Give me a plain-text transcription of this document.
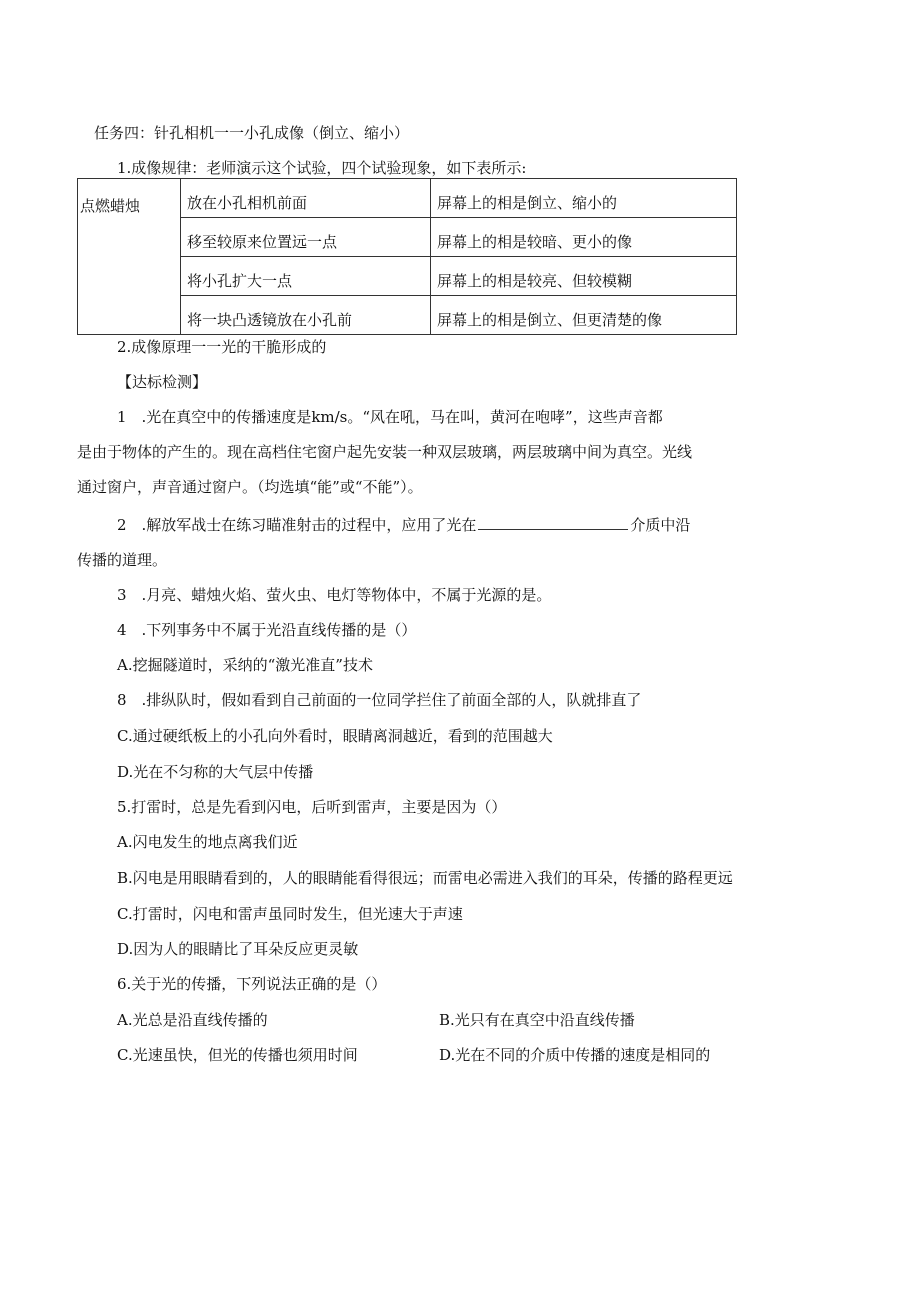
任务四：针孔相机一一小孔成像（倒立、缩小）
1.成像规律：老师演示这个试验，四个试验现象，如下表所示:
点燃蜡烛	放在小孔相机前面	屏幕上的相是倒立、缩小的
	移至较原来位置远一点	屏幕上的相是较暗、更小的像
	将小孔扩大一点	屏幕上的相是较亮、但较模糊
	将一块凸透镜放在小孔前	屏幕上的相是倒立、但更清楚的像
2.成像原理一一光的干脆形成的
【达标检测】
1　.光在真空中的传播速度是km/s。“风在吼，马在叫，黄河在咆哮”，这些声音都
是由于物体的产生的。现在高档住宅窗户起先安装一种双层玻璃，两层玻璃中间为真空。光线
通过窗户，声音通过窗户。（均选填“能”或“不能”）。
2　.解放军战士在练习瞄准射击的过程中，应用了光在	介质中沿
传播的道理。
3　.月亮、蜡烛火焰、萤火虫、电灯等物体中，不属于光源的是。
4　.下列事务中不属于光沿直线传播的是（）
A.挖掘隧道时，采纳的“激光准直”技术
8　.排纵队时，假如看到自己前面的一位同学拦住了前面全部的人，队就排直了
C.通过硬纸板上的小孔向外看时，眼睛离洞越近，看到的范围越大
D.光在不匀称的大气层中传播
5.打雷时，总是先看到闪电，后听到雷声，主要是因为（）
A.闪电发生的地点离我们近
B.闪电是用眼睛看到的，人的眼睛能看得很远；而雷电必需进入我们的耳朵，传播的路程更远
C.打雷时，闪电和雷声虽同时发生，但光速大于声速
D.因为人的眼睛比了耳朵反应更灵敏
6.关于光的传播，下列说法正确的是（）
A.光总是沿直线传播的	B.光只有在真空中沿直线传播
C.光速虽快，但光的传播也须用时间	D.光在不同的介质中传播的速度是相同的
